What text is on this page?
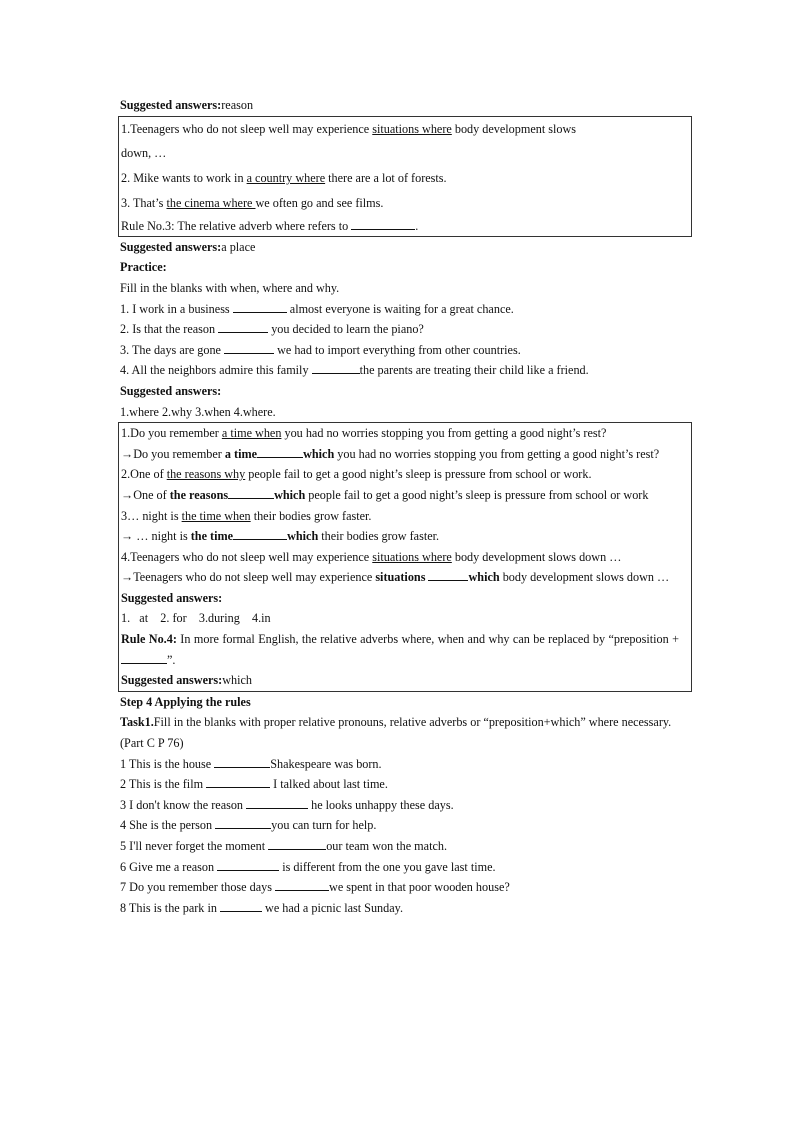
Suggested answers:reason
1.Teenagers who do not sleep well may experience situations where body development slows
down, …
2. Mike wants to work in a country where there are a lot of forests.
3. That’s the cinema where we often go and see films.
Rule No.3: The relative adverb where refers to	.
Suggested answers:a place
Practice:
Fill in the blanks with when, where and why.
1. I work in a business	almost everyone is waiting for a great chance.
2. Is that the reason	you decided to learn the piano?
3. The days are gone	we had to import everything from other countries.
4. All the neighbors admire this family	the parents are treating their child like a friend.
Suggested answers:
1.where 2.why 3.when 4.where.
1.Do you remember a time when you had no worries stopping you from getting a good night’s rest?
→Do you remember a time	which you had no worries stopping you from getting a good night’s rest?
2.One of the reasons why people fail to get a good night’s sleep is pressure from school or work.
→One of the reasons	which people fail to get a good night’s sleep is pressure from school or work
3… night is the time when their bodies grow faster.
→ … night is the time	which their bodies grow faster.
4.Teenagers who do not sleep well may experience situations where body development slows down …
→Teenagers who do not sleep well may experience situations	which body development slows down …
Suggested answers:
1.   at    2. for    3.during    4.in
Rule No.4: In more formal English, the relative adverbs where, when and why can be replaced by “preposition + ”.
Suggested answers:which
Step 4 Applying the rules
Task1.Fill in the blanks with proper relative pronouns, relative adverbs or “preposition+which” where necessary. (Part C P 76)
1 This is the house	Shakespeare was born.
2 This is the film	I talked about last time.
3 I don't know the reason	he looks unhappy these days.
4 She is the person	you can turn for help.
5 I'll never forget the moment	our team won the match.
6 Give me a reason	is different from the one you gave last time.
7 Do you remember those days	we spent in that poor wooden house?
8 This is the park in	we had a picnic last Sunday.
